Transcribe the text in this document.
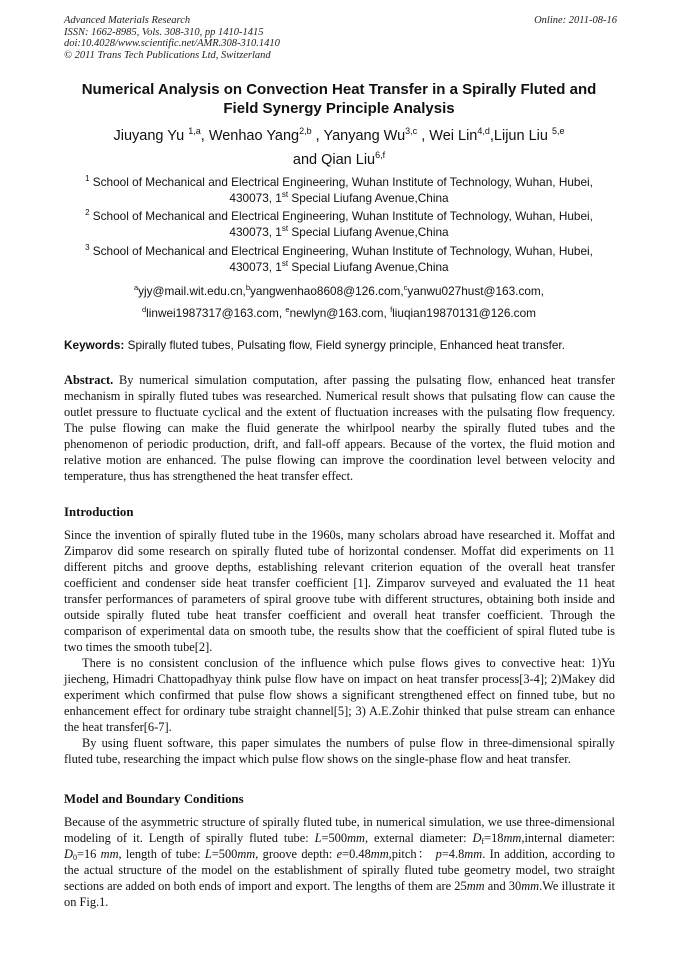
Advanced Materials Research
ISSN: 1662-8985, Vols. 308-310, pp 1410-1415
doi:10.4028/www.scientific.net/AMR.308-310.1410
© 2011 Trans Tech Publications Ltd, Switzerland
Online: 2011-08-16
Numerical Analysis on Convection Heat Transfer in a Spirally Fluted and
Field Synergy Principle Analysis
Jiuyang Yu $^{1,a}$, Wenhao Yang$^{2,b}$ , Yanyang Wu$^{3,c}$ , Wei Lin$^{4,d}$,Lijun Liu $^{5,e}$
and Qian Liu$^{6,f}$
$^1$ School of Mechanical and Electrical Engineering, Wuhan Institute of Technology, Wuhan, Hubei,
430073, 1st Special Liufang Avenue,China
$^2$ School of Mechanical and Electrical Engineering, Wuhan Institute of Technology, Wuhan, Hubei,
430073, 1st Special Liufang Avenue,China
$^3$ School of Mechanical and Electrical Engineering, Wuhan Institute of Technology, Wuhan, Hubei,
430073, 1st Special Liufang Avenue,China
$^a$yjy@mail.wit.edu.cn,$^b$yangwenhao8608@126.com,$^c$yanwu027hust@163.com,
$^d$linwei1987317@163.com, $^e$newlyn@163.com, $^f$liuqian19870131@126.com
Keywords: Spirally fluted tubes, Pulsating flow, Field synergy principle, Enhanced heat transfer.

Abstract. By numerical simulation computation, after passing the pulsating flow, enhanced heat transfer mechanism in spirally fluted tubes was researched. Numerical result shows that pulsating flow can cause the outlet pressure to fluctuate cyclical and the extent of fluctuation increases with the pulsating flow frequency. The pulse flowing can make the fluid generate the whirlpool nearby the spirally fluted tubes and the phenomenon of periodic production, drift, and fall-off appears. Because of the vortex, the fluid motion and relative motion are enhanced. The pulse flowing can improve the coordination level between velocity and temperature, thus has strengthened the heat transfer effect.

Introduction

Since the invention of spirally fluted tube in the 1960s, many scholars abroad have researched it. Moffat and Zimparov did some research on spirally fluted tube of horizontal condenser. Moffat did experiments on 11 different pitchs and groove depths, establishing relevant criterion equation of the overall heat transfer coefficient and condenser side heat transfer coefficient [1]. Zimparov surveyed and evaluated the 11 heat transfer performances of parameters of spiral groove tube with different structures, obtaining both inside and outside spirally fluted tube heat transfer coefficient and overall heat transfer coefficient. Through the comparison of experimental data on smooth tube, the results show that the coefficient of spiral fluted tube is two times the smooth tube[2].

There is no consistent conclusion of the influence which pulse flows gives to convective heat: 1)Yu jiecheng, Himadri Chattopadhyay think pulse flow have on impact on heat transfer process[3-4]; 2)Makey did experiment which confirmed that pulse flow shows a significant strengthened effect on finned tube, but no enhancement effect for ordinary tube straight channel[5]; 3) A.E.Zohir thinked that pulse stream can enhance the heat transfer[6-7].

By using fluent software, this paper simulates the numbers of pulse flow in three-dimensional spirally fluted tube, researching the impact which pulse flow shows on the single-phase flow and heat transfer.

Model and Boundary Conditions

Because of the asymmetric structure of spirally fluted tube, in numerical simulation, we use three-dimensional modeling of it. Length of spirally fluted tube: L=500mm, external diameter: $D_f=18mm,internal$ diameter: $D_0=16$ mm, length of tube: L=500mm, groove depth: e=0.48mm,pitch： p=4.8mm. In addition, according to the actual structure of the model on the establishment of spirally fluted tube geometry model, two straight sections are added on both ends of import and export. The lengths of them are 25mm and 30mm.We illustrate it on Fig.1.
